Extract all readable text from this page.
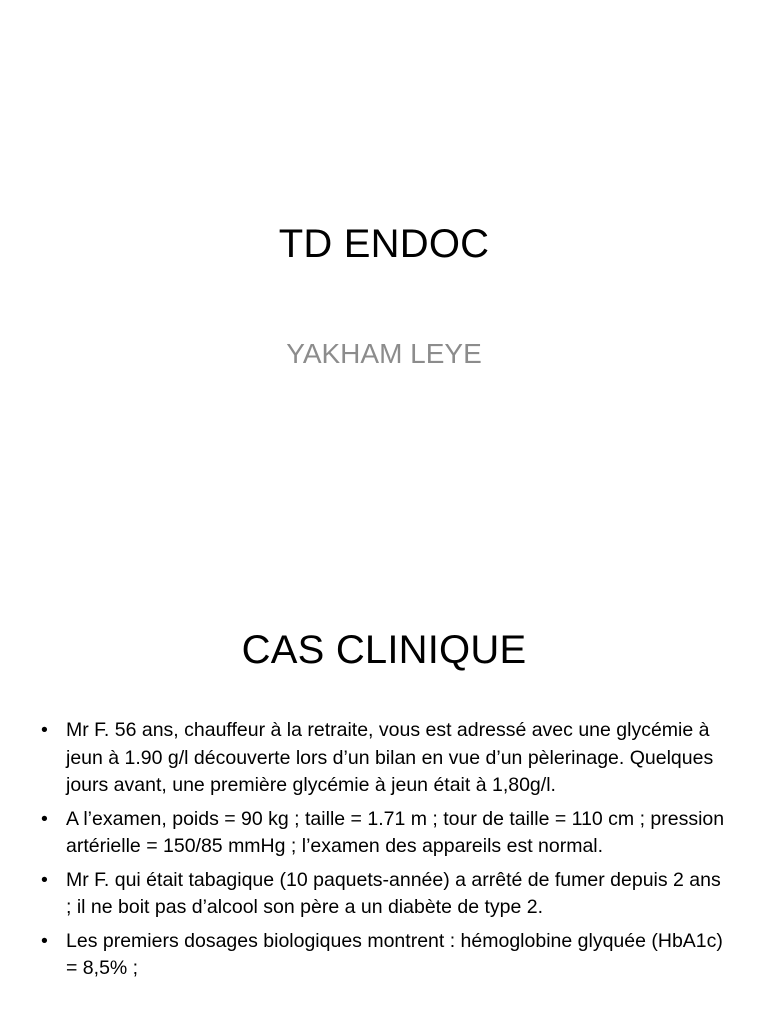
TD ENDOC
YAKHAM LEYE
CAS CLINIQUE
• Mr F. 56 ans, chauffeur à la retraite, vous est adressé avec une glycémie à jeun à 1.90 g/l découverte lors d’un bilan en vue d’un pèlerinage. Quelques jours avant, une première glycémie à jeun était à 1,80g/l.
• A l’examen, poids = 90 kg ; taille = 1.71 m ; tour de taille = 110 cm ; pression artérielle = 150/85 mmHg ; l’examen des appareils est normal.
• Mr F. qui était tabagique (10 paquets-année) a arrêté de fumer depuis 2 ans ; il ne boit pas d’alcool son père a un diabète de type 2.
• Les premiers dosages biologiques montrent : hémoglobine glyquée (HbA1c) = 8,5% ;
